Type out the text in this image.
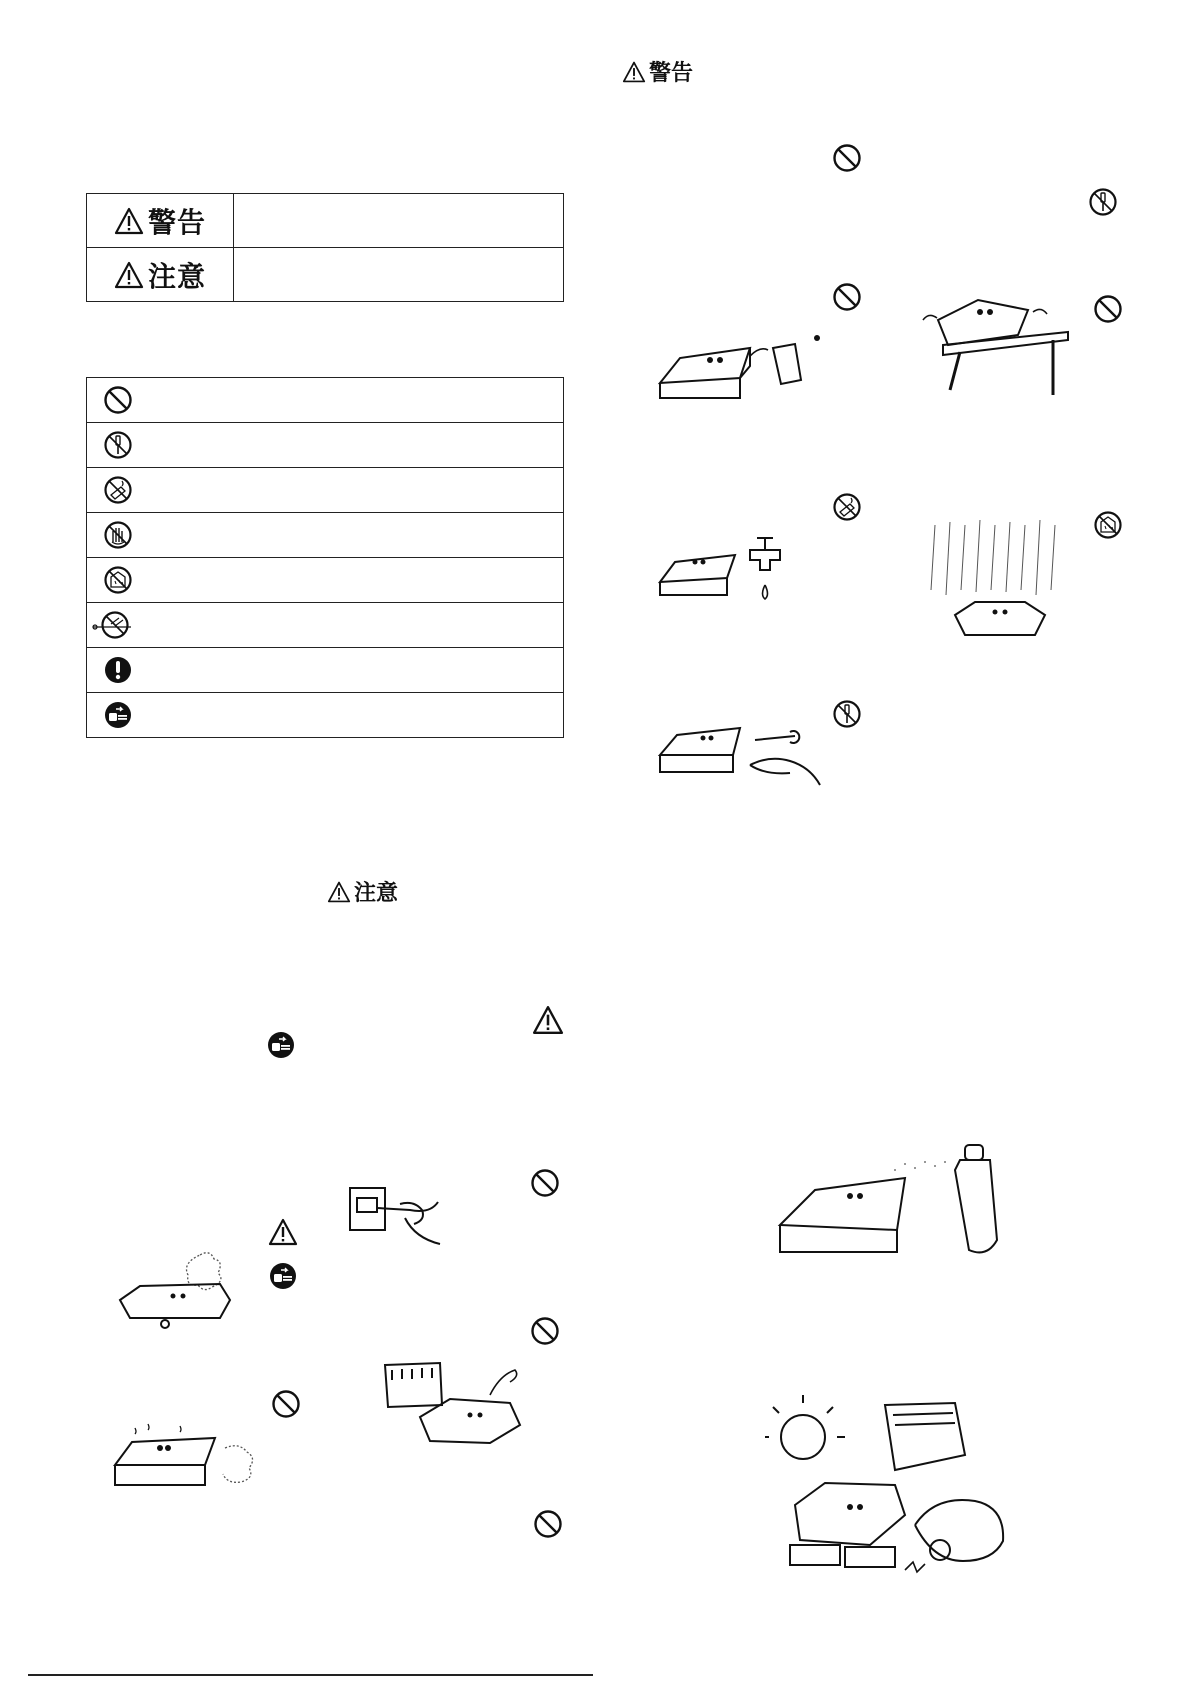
警告
注意
注意
警告
